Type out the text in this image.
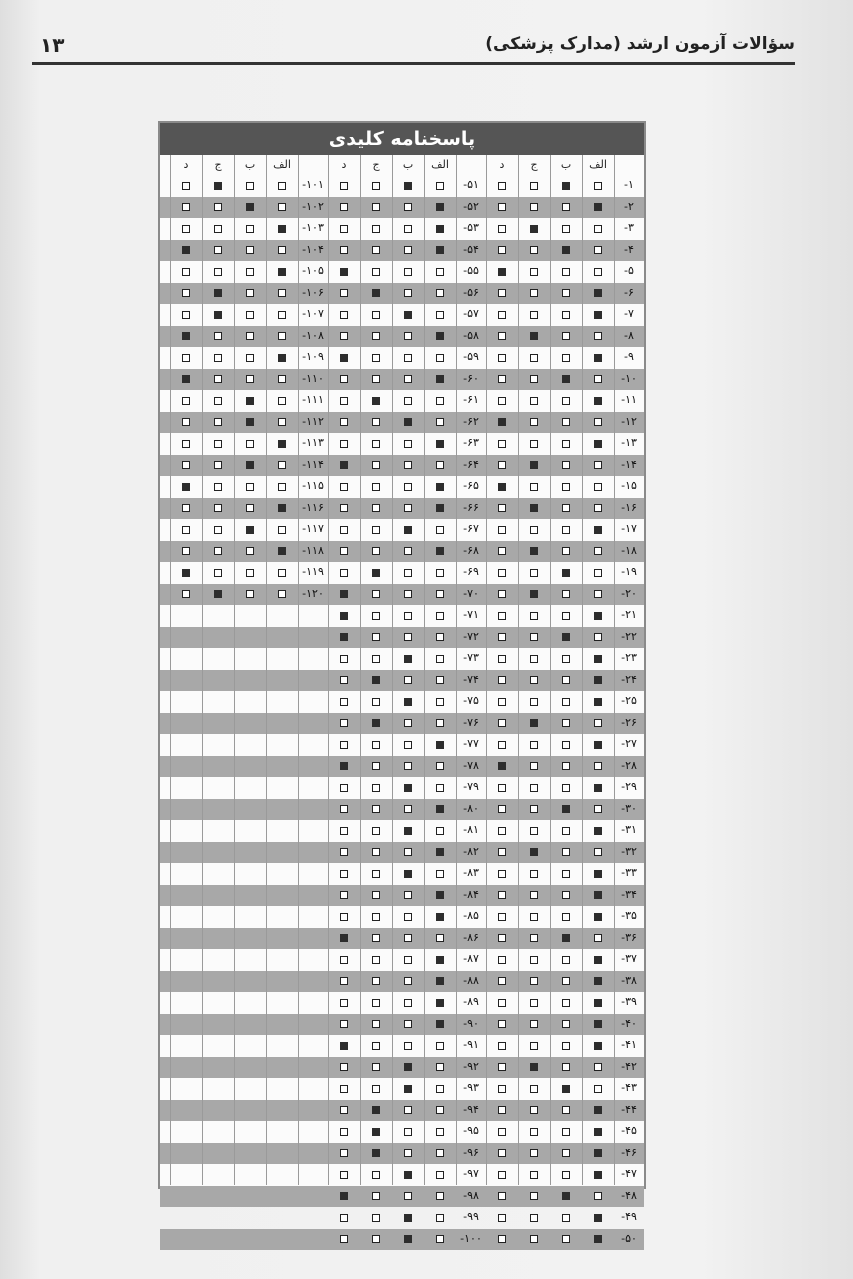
۱۳	سؤالات آزمون ارشد (مدارک پزشکی)
پاسخنامه کلیدی
الف
ب
ج
د
الف
ب
ج
د
الف
ب
ج
د
۱-
۲-
۳-
۴-
۵-
۶-
۷-
۸-
۹-
۱۰-
۱۱-
۱۲-
۱۳-
۱۴-
۱۵-
۱۶-
۱۷-
۱۸-
۱۹-
۲۰-
۲۱-
۲۲-
۲۳-
۲۴-
۲۵-
۲۶-
۲۷-
۲۸-
۲۹-
۳۰-
۳۱-
۳۲-
۳۳-
۳۴-
۳۵-
۳۶-
۳۷-
۳۸-
۳۹-
۴۰-
۴۱-
۴۲-
۴۳-
۴۴-
۴۵-
۴۶-
۴۷-
۴۸-
۴۹-
۵۰-
۵۱-
۵۲-
۵۳-
۵۴-
۵۵-
۵۶-
۵۷-
۵۸-
۵۹-
۶۰-
۶۱-
۶۲-
۶۳-
۶۴-
۶۵-
۶۶-
۶۷-
۶۸-
۶۹-
۷۰-
۷۱-
۷۲-
۷۳-
۷۴-
۷۵-
۷۶-
۷۷-
۷۸-
۷۹-
۸۰-
۸۱-
۸۲-
۸۳-
۸۴-
۸۵-
۸۶-
۸۷-
۸۸-
۸۹-
۹۰-
۹۱-
۹۲-
۹۳-
۹۴-
۹۵-
۹۶-
۹۷-
۹۸-
۹۹-
۱۰۰-
۱۰۱-
۱۰۲-
۱۰۳-
۱۰۴-
۱۰۵-
۱۰۶-
۱۰۷-
۱۰۸-
۱۰۹-
۱۱۰-
۱۱۱-
۱۱۲-
۱۱۳-
۱۱۴-
۱۱۵-
۱۱۶-
۱۱۷-
۱۱۸-
۱۱۹-
۱۲۰-
